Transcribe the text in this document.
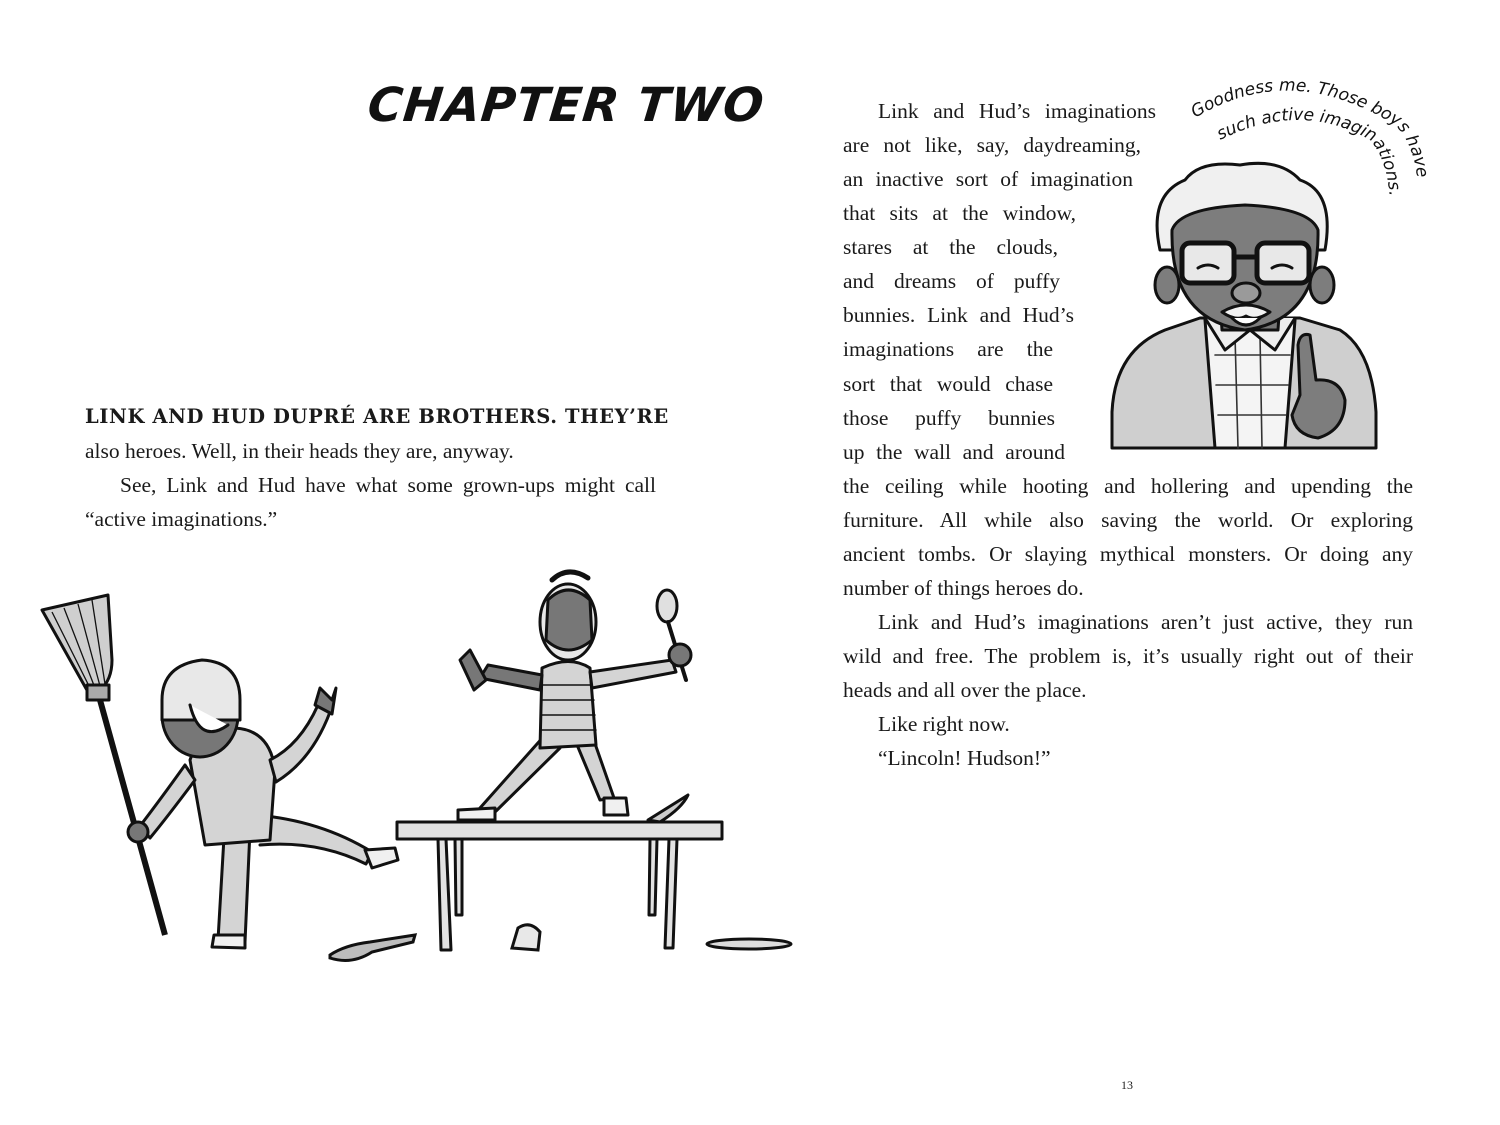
CHAPTER TWO
LINK AND HUD DUPRÉ ARE BROTHERS. THEY’RE
also heroes. Well, in their heads they are, anyway.
See, Link and Hud have what some grown-ups might call
“active imaginations.”
Link and Hud’s imaginations
are not like, say, daydreaming,
an inactive sort of imagination
that sits at the window,
stares at the clouds,
and dreams of puffy
bunnies. Link and Hud’s
imaginations are the
sort that would chase
those puffy bunnies
up the wall and around
the ceiling while hooting and hollering and upending the
furniture. All while also saving the world. Or exploring
ancient tombs. Or slaying mythical monsters. Or doing any
number of things heroes do.
Link and Hud’s imaginations aren’t just active, they run
wild and free. The problem is, it’s usually right out of their
heads and all over the place.
Like right now.
“Lincoln! Hudson!”
Goodness me. Those boys have
such active imaginations.
13
